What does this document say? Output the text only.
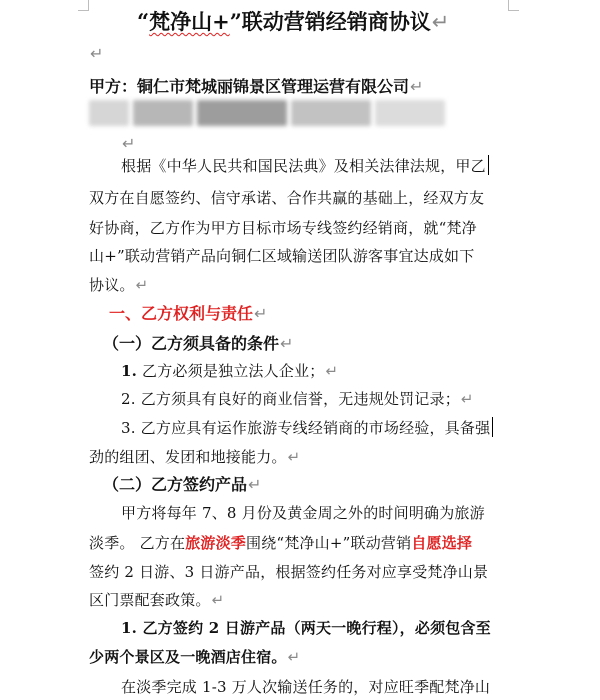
“梵净山+”联动营销经销商协议↵
↵
甲方：铜仁市梵城丽锦景区管理运营有限公司↵
↵
根据《中华人民共和国民法典》及相关法律法规，甲乙
双方在自愿签约、信守承诺、合作共赢的基础上，经双方友
好协商，乙方作为甲方目标市场专线签约经销商，就“梵净
山+”联动营销产品向铜仁区域输送团队游客事宜达成如下
协议。↵
一、乙方权利与责任↵
（一）乙方须具备的条件↵
1. 乙方必须是独立法人企业；↵
2. 乙方须具有良好的商业信誉，无违规处罚记录；↵
3. 乙方应具有运作旅游专线经销商的市场经验，具备强
劲的组团、发团和地接能力。↵
（二）乙方签约产品↵
甲方将每年 7、8 月份及黄金周之外的时间明确为旅游
淡季。 乙方在旅游淡季围绕“梵净山+”联动营销自愿选择
签约 2 日游、3 日游产品，根据签约任务对应享受梵净山景
区门票配套政策。↵
1. 乙方签约 2 日游产品（两天一晚行程），必须包含至
少两个景区及一晚酒店住宿。↵
在淡季完成 1-3 万人次输送任务的，对应旺季配梵净山
